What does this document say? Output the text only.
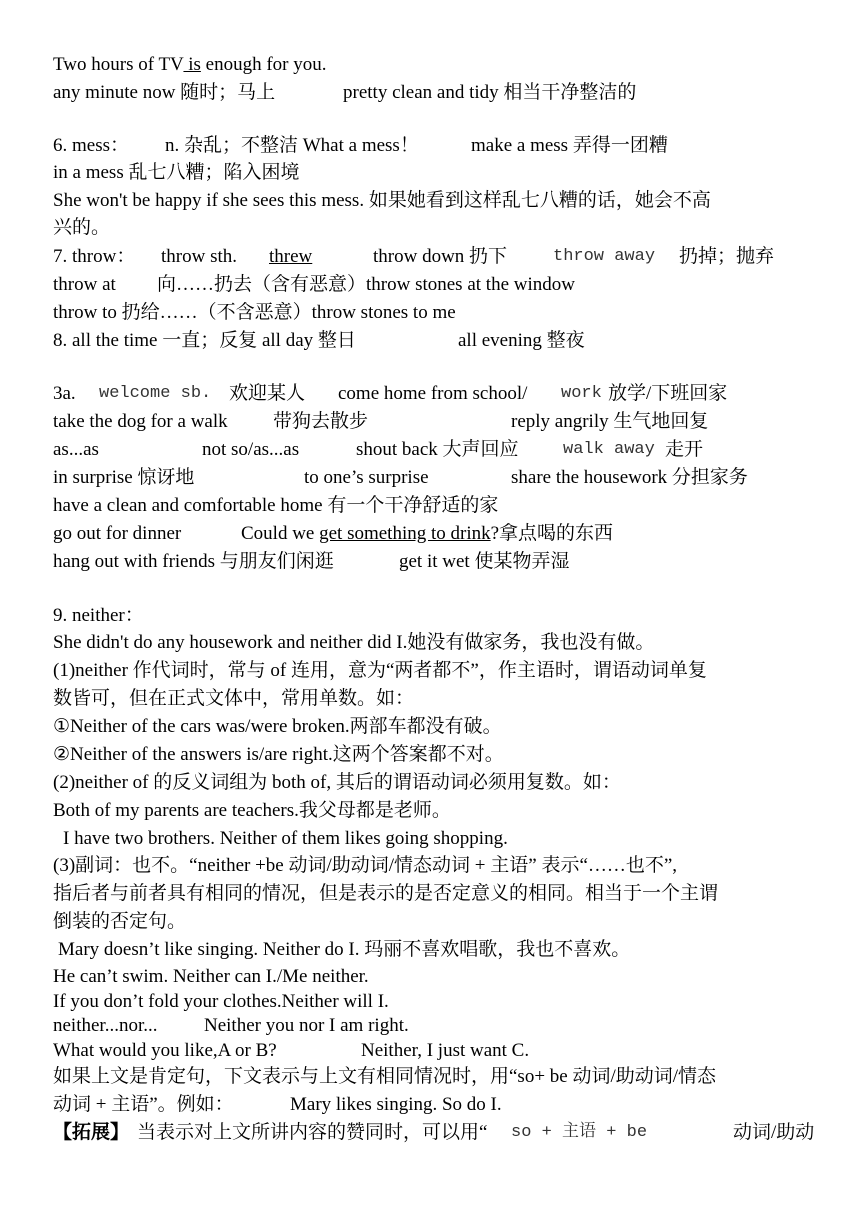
Two hours of TV is enough for you.
any minute now 随时；马上	pretty clean and tidy 相当干净整洁的
6. mess： n. 杂乱；不整洁 What a mess！	make a mess 弄得一团糟
in a mess 乱七八糟；陷入困境
She won't be happy if she sees this mess. 如果她看到这样乱七八糟的话，她会不高
兴的。
7. throw： throw sth. threw	throw down 扔下	throw away 扔掉；抛弃
throw at 向……扔去（含有恶意）throw stones at the window
throw to 扔给……（不含恶意）throw stones to me
8. all the time 一直；反复 all day 整日	all evening 整夜
3a. welcome sb. 欢迎某人 come home from school/ work 放学/下班回家
take the dog for a walk 带狗去散步	reply angrily 生气地回复
as...as	not so/as...as	shout back 大声回应	walk away 走开
in surprise 惊讶地	to one’s surprise	share the housework 分担家务
have a clean and comfortable home 有一个干净舒适的家
go out for dinner	Could we get something to drink?拿点喝的东西
hang out with friends 与朋友们闲逛	get it wet 使某物弄湿
9. neither：
She didn't do any housework and neither did I.她没有做家务，我也没有做。
(1)neither 作代词时，常与 of 连用，意为“两者都不”，作主语时，谓语动词单复
数皆可，但在正式文体中，常用单数。如：
①Neither of the cars was/were broken.两部车都没有破。
②Neither of the answers is/are right.这两个答案都不对。
(2)neither of 的反义词组为 both of, 其后的谓语动词必须用复数。如：
Both of my parents are teachers.我父母都是老师。
I have two brothers. Neither of them likes going shopping.
(3)副词：也不。“neither +be 动词/助动词/情态动词 + 主语” 表示“……也不”,
指后者与前者具有相同的情况，但是表示的是否定意义的相同。相当于一个主谓
倒装的否定句。
Mary doesn’t like singing. Neither do I. 玛丽不喜欢唱歌，我也不喜欢。
He can’t swim. Neither can I./Me neither.
If you don’t fold your clothes.Neither will I.
neither...nor... Neither you nor I am right.
What would you like,A or B?	Neither, I just want C.
如果上文是肯定句，下文表示与上文有相同情况时，用“so+ be 动词/助动词/情态
动词 + 主语”。例如：	Mary likes singing. So do I.
【拓展】 当表示对上文所讲内容的赞同时，可以用“ so + 主语 + be	动词/助动
